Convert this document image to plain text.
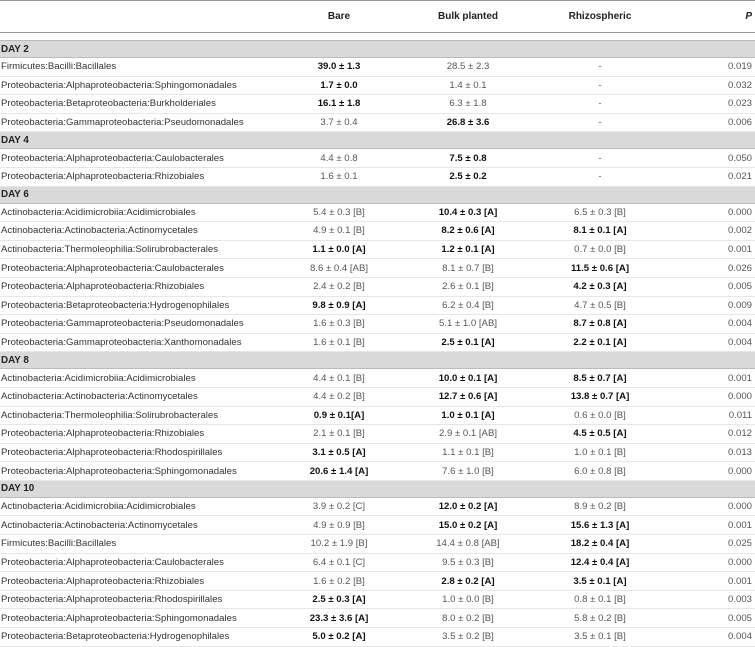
	Bare	Bulk planted	Rhizospheric	P

DAY 2				
Firmicutes:Bacilli:Bacillales	39.0 ± 1.3	28.5 ± 2.3	-	0.019
Proteobacteria:Alphaproteobacteria:Sphingomonadales	1.7 ± 0.0	1.4 ± 0.1	-	0.032
Proteobacteria:Betaproteobacteria:Burkholderiales	16.1 ± 1.8	6.3 ± 1.8	-	0.023
Proteobacteria:Gammaproteobacteria:Pseudomonadales	3.7 ± 0.4	26.8 ± 3.6	-	0.006
DAY 4				
Proteobacteria:Alphaproteobacteria:Caulobacterales	4.4 ± 0.8	7.5 ± 0.8	-	0.050
Proteobacteria:Alphaproteobacteria:Rhizobiales	1.6 ± 0.1	2.5 ± 0.2	-	0.021
DAY 6				
Actinobacteria:Acidimicrobiia:Acidimicrobiales	5.4 ± 0.3 [B]	10.4 ± 0.3 [A]	6.5 ± 0.3 [B]	0.000
Actinobacteria:Actinobacteria:Actinomycetales	4.9 ± 0.1 [B]	8.2 ± 0.6 [A]	8.1 ± 0.1 [A]	0.002
Actinobacteria:Thermoleophilia:Solirubrobacterales	1.1 ± 0.0 [A]	1.2 ± 0.1 [A]	0.7 ± 0.0 [B]	0.001
Proteobacteria:Alphaproteobacteria:Caulobacterales	8.6 ± 0.4 [AB]	8.1 ± 0.7 [B]	11.5 ± 0.6 [A]	0.026
Proteobacteria:Alphaproteobacteria:Rhizobiales	2.4 ± 0.2 [B]	2.6 ± 0.1 [B]	4.2 ± 0.3 [A]	0.005
Proteobacteria:Betaproteobacteria:Hydrogenophilales	9.8 ± 0.9 [A]	6.2 ± 0.4 [B]	4.7 ± 0.5 [B]	0.009
Proteobacteria:Gammaproteobacteria:Pseudomonadales	1.6 ± 0.3 [B]	5.1 ± 1.0 [AB]	8.7 ± 0.8 [A]	0.004
Proteobacteria:Gammaproteobacteria:Xanthomonadales	1.6 ± 0.1 [B]	2.5 ± 0.1 [A]	2.2 ± 0.1 [A]	0.004
DAY 8				
Actinobacteria:Acidimicrobiia:Acidimicrobiales	4.4 ± 0.1 [B]	10.0 ± 0.1 [A]	8.5 ± 0.7 [A]	0.001
Actinobacteria:Actinobacteria:Actinomycetales	4.4 ± 0.2 [B]	12.7 ± 0.6 [A]	13.8 ± 0.7 [A]	0.000
Actinobacteria:Thermoleophilia:Solirubrobacterales	0.9 ± 0.1[A]	1.0 ± 0.1 [A]	0.6 ± 0.0 [B]	0.011
Proteobacteria:Alphaproteobacteria:Rhizobiales	2.1 ± 0.1 [B]	2.9 ± 0.1 [AB]	4.5 ± 0.5 [A]	0.012
Proteobacteria:Alphaproteobacteria:Rhodospirillales	3.1 ± 0.5 [A]	1.1 ± 0.1 [B]	1.0 ± 0.1 [B]	0.013
Proteobacteria:Alphaproteobacteria:Sphingomonadales	20.6 ± 1.4 [A]	7.6 ± 1.0 [B]	6.0 ± 0.8 [B]	0.000
DAY 10				
Actinobacteria:Acidimicrobiia:Acidimicrobiales	3.9 ± 0.2 [C]	12.0 ± 0.2 [A]	8.9 ± 0.2 [B]	0.000
Actinobacteria:Actinobacteria:Actinomycetales	4.9 ± 0.9 [B]	15.0 ± 0.2 [A]	15.6 ± 1.3 [A]	0.001
Firmicutes:Bacilli:Bacillales	10.2 ± 1.9 [B]	14.4 ± 0.8 [AB]	18.2 ± 0.4 [A]	0.025
Proteobacteria:Alphaproteobacteria:Caulobacterales	6.4 ± 0.1 [C]	9.5 ± 0.3 [B]	12.4 ± 0.4 [A]	0.000
Proteobacteria:Alphaproteobacteria:Rhizobiales	1.6 ± 0.2 [B]	2.8 ± 0.2 [A]	3.5 ± 0.1 [A]	0.001
Proteobacteria:Alphaproteobacteria:Rhodospirillales	2.5 ± 0.3 [A]	1.0 ± 0.0 [B]	0.8 ± 0.1 [B]	0.003
Proteobacteria:Alphaproteobacteria:Sphingomonadales	23.3 ± 3.6 [A]	8.0 ± 0.2 [B]	5.8 ± 0.2 [B]	0.005
Proteobacteria:Betaproteobacteria:Hydrogenophilales	5.0 ± 0.2 [A]	3.5 ± 0.2 [B]	3.5 ± 0.1 [B]	0.004
